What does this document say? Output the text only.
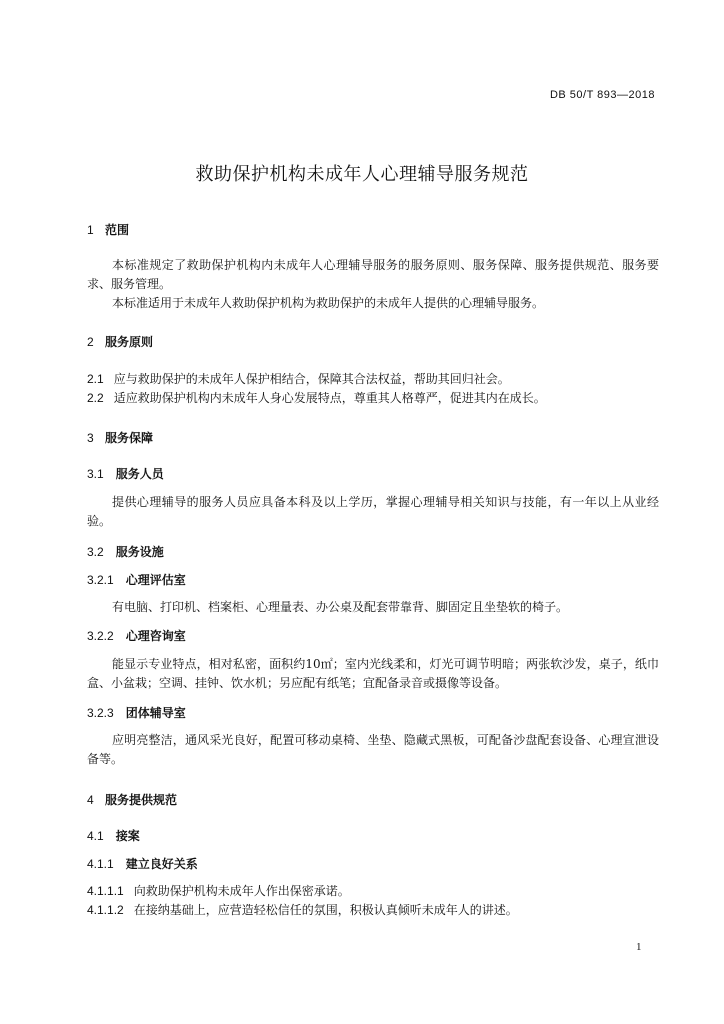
DB 50/T 893—2018
救助保护机构未成年人心理辅导服务规范
1 范围
本标准规定了救助保护机构内未成年人心理辅导服务的服务原则、服务保障、服务提供规范、服务要求、服务管理。
本标准适用于未成年人救助保护机构为救助保护的未成年人提供的心理辅导服务。
2 服务原则
2.1 应与救助保护的未成年人保护相结合，保障其合法权益，帮助其回归社会。
2.2 适应救助保护机构内未成年人身心发展特点，尊重其人格尊严，促进其内在成长。
3 服务保障
3.1 服务人员
提供心理辅导的服务人员应具备本科及以上学历，掌握心理辅导相关知识与技能，有一年以上从业经验。
3.2 服务设施
3.2.1 心理评估室
有电脑、打印机、档案柜、心理量表、办公桌及配套带靠背、脚固定且坐垫软的椅子。
3.2.2 心理咨询室
能显示专业特点，相对私密，面积约10㎡；室内光线柔和，灯光可调节明暗；两张软沙发，桌子，纸巾盒、小盆栽；空调、挂钟、饮水机；另应配有纸笔；宜配备录音或摄像等设备。
3.2.3 团体辅导室
应明亮整洁，通风采光良好，配置可移动桌椅、坐垫、隐藏式黑板，可配备沙盘配套设备、心理宣泄设备等。
4 服务提供规范
4.1 接案
4.1.1 建立良好关系
4.1.1.1 向救助保护机构未成年人作出保密承诺。
4.1.1.2 在接纳基础上，应营造轻松信任的氛围，积极认真倾听未成年人的讲述。
1
